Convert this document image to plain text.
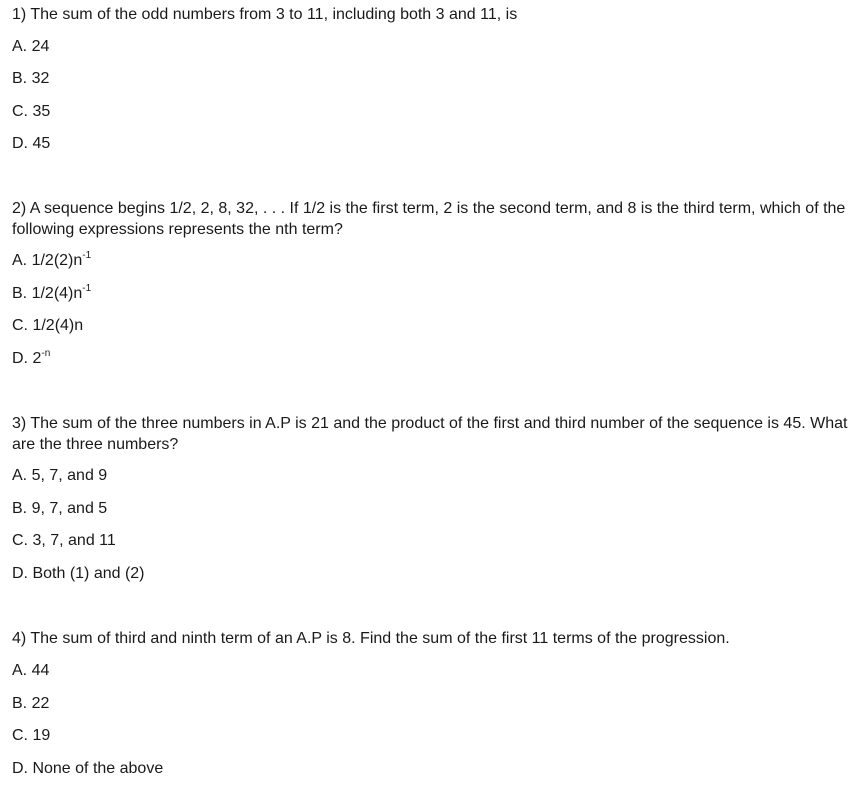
1) The sum of the odd numbers from 3 to 11, including both 3 and 11, is

A. 24
B. 32
C. 35
D. 45

2) A sequence begins 1/2, 2, 8, 32, . . . If 1/2 is the first term, 2 is the second term, and 8 is the third term, which of the following expressions represents the nth term?

A. $1/2(2)n^{-1}$
B. $1/2(4)n^{-1}$
C. 1/2(4)n
D. $2^{-n}$

3) The sum of the three numbers in A.P is 21 and the product of the first and third number of the sequence is 45. What are the three numbers?

A. 5, 7, and 9
B. 9, 7, and 5
C. 3, 7, and 11
D. Both (1) and (2)

4) The sum of third and ninth term of an A.P is 8. Find the sum of the first 11 terms of the progression.

A. 44
B. 22
C. 19
D. None of the above
